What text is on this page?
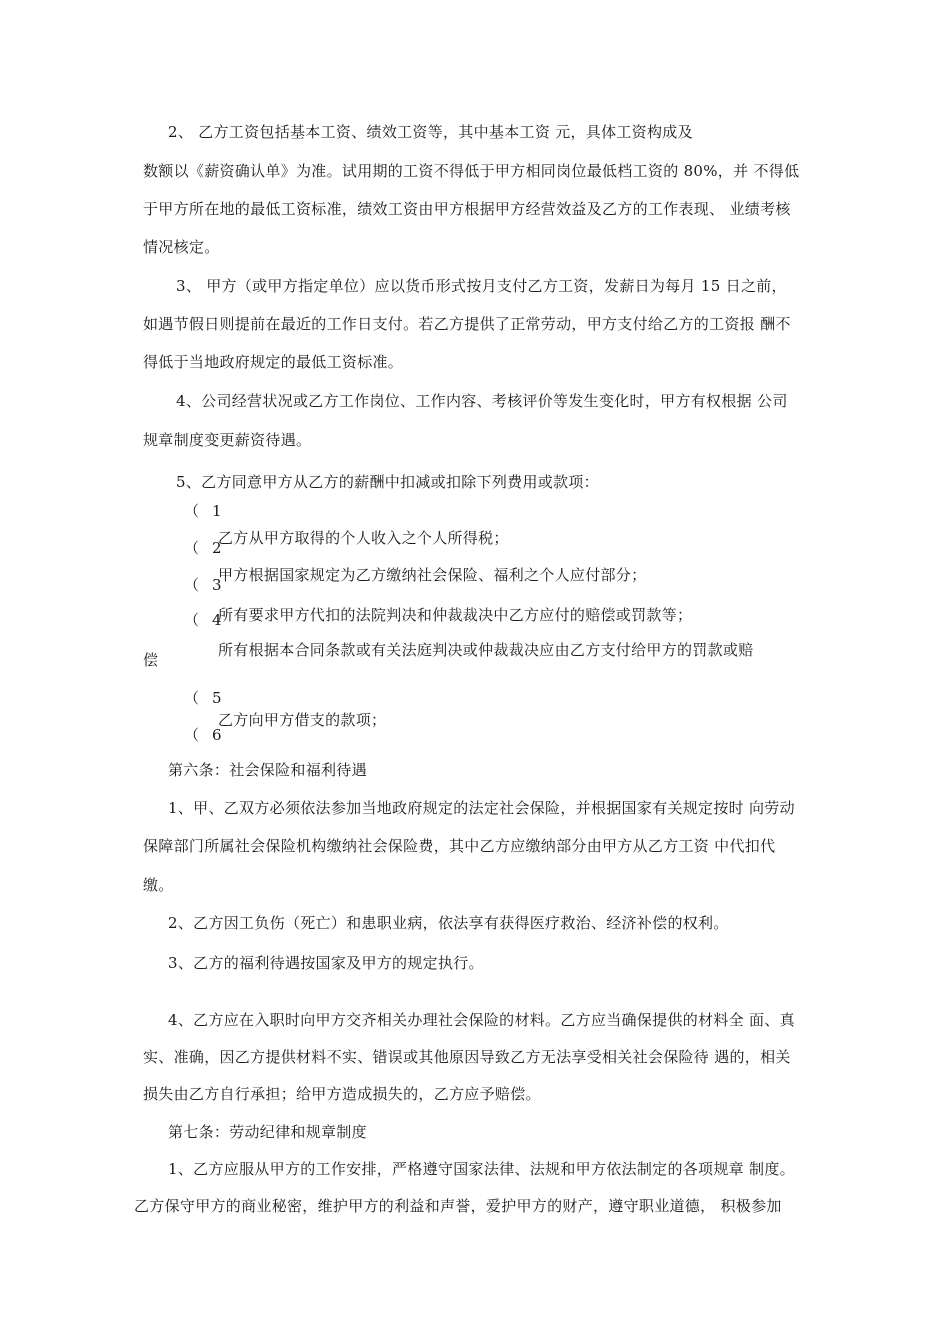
2、 乙方工资包括基本工资、绩效工资等，其中基本工资 元，具体工资构成及
数额以《薪资确认单》为准。试用期的工资不得低于甲方相同岗位最低档工资的 80%，并 不得低
于甲方所在地的最低工资标准，绩效工资由甲方根据甲方经营效益及乙方的工作表现、 业绩考核
情况核定。
3、 甲方（或甲方指定单位）应以货币形式按月支付乙方工资，发薪日为每月 15 日之前，
如遇节假日则提前在最近的工作日支付。若乙方提供了正常劳动，甲方支付给乙方的工资报 酬不
得低于当地政府规定的最低工资标准。
4、公司经营状况或乙方工作岗位、工作内容、考核评价等发生变化时，甲方有权根据 公司
规章制度变更薪资待遇。
5、乙方同意甲方从乙方的薪酬中扣减或扣除下列费用或款项：
（ 1
（ 2
（ 3
（ 4
（ 5
（ 6
乙方从甲方取得的个人收入之个人所得税；
甲方根据国家规定为乙方缴纳社会保险、福利之个人应付部分；
所有要求甲方代扣的法院判决和仲裁裁决中乙方应付的赔偿或罚款等；
所有根据本合同条款或有关法庭判决或仲裁裁决应由乙方支付给甲方的罚款或赔
偿
乙方向甲方借支的款项；
第六条：社会保险和福利待遇
1、甲、乙双方必须依法参加当地政府规定的法定社会保险，并根据国家有关规定按时 向劳动
保障部门所属社会保险机构缴纳社会保险费，其中乙方应缴纳部分由甲方从乙方工资 中代扣代
缴。
2、乙方因工负伤（死亡）和患职业病，依法享有获得医疗救治、经济补偿的权利。
3、乙方的福利待遇按国家及甲方的规定执行。
4、乙方应在入职时向甲方交齐相关办理社会保险的材料。乙方应当确保提供的材料全 面、真
实、准确，因乙方提供材料不实、错误或其他原因导致乙方无法享受相关社会保险待 遇的，相关
损失由乙方自行承担；给甲方造成损失的，乙方应予赔偿。
第七条：劳动纪律和规章制度
1、乙方应服从甲方的工作安排，严格遵守国家法律、法规和甲方依法制定的各项规章 制度。
乙方保守甲方的商业秘密，维护甲方的利益和声誉，爱护甲方的财产，遵守职业道德， 积极参加
